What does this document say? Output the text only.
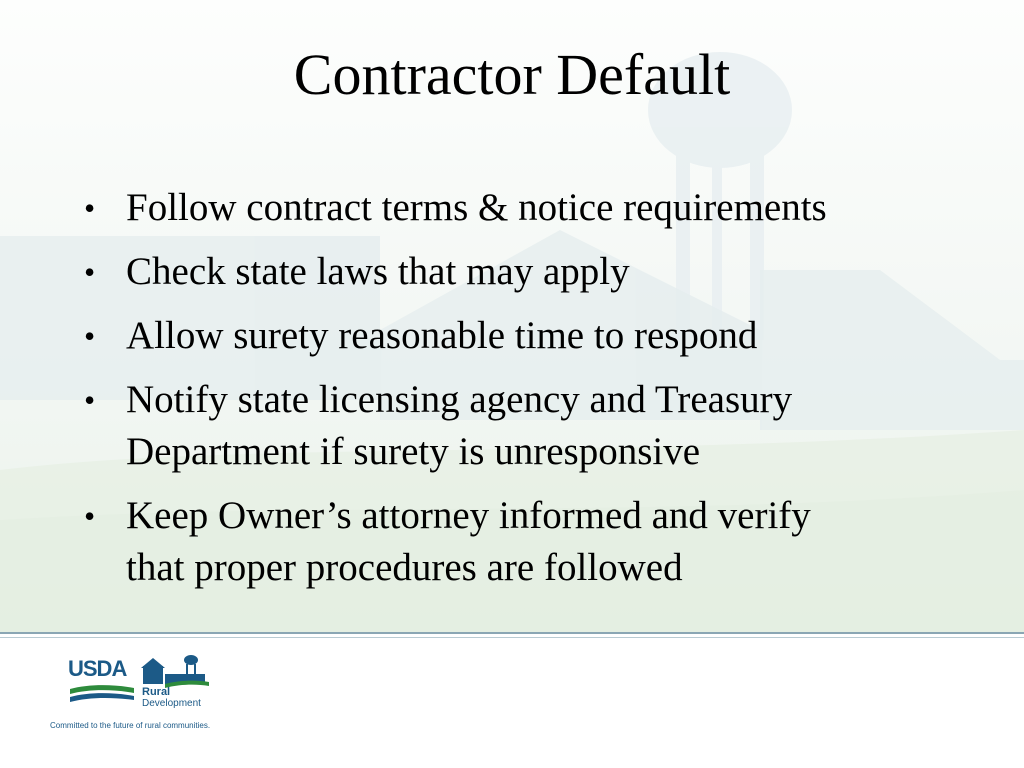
Contractor Default
• Follow contract terms & notice requirements
• Check state laws that may apply
• Allow surety reasonable time to respond
• Notify state licensing agency and Treasury
Department if surety is unresponsive
• Keep Owner’s attorney informed and verify
that proper procedures are followed
USDA
Rural
Development
Committed to the future of rural communities.
